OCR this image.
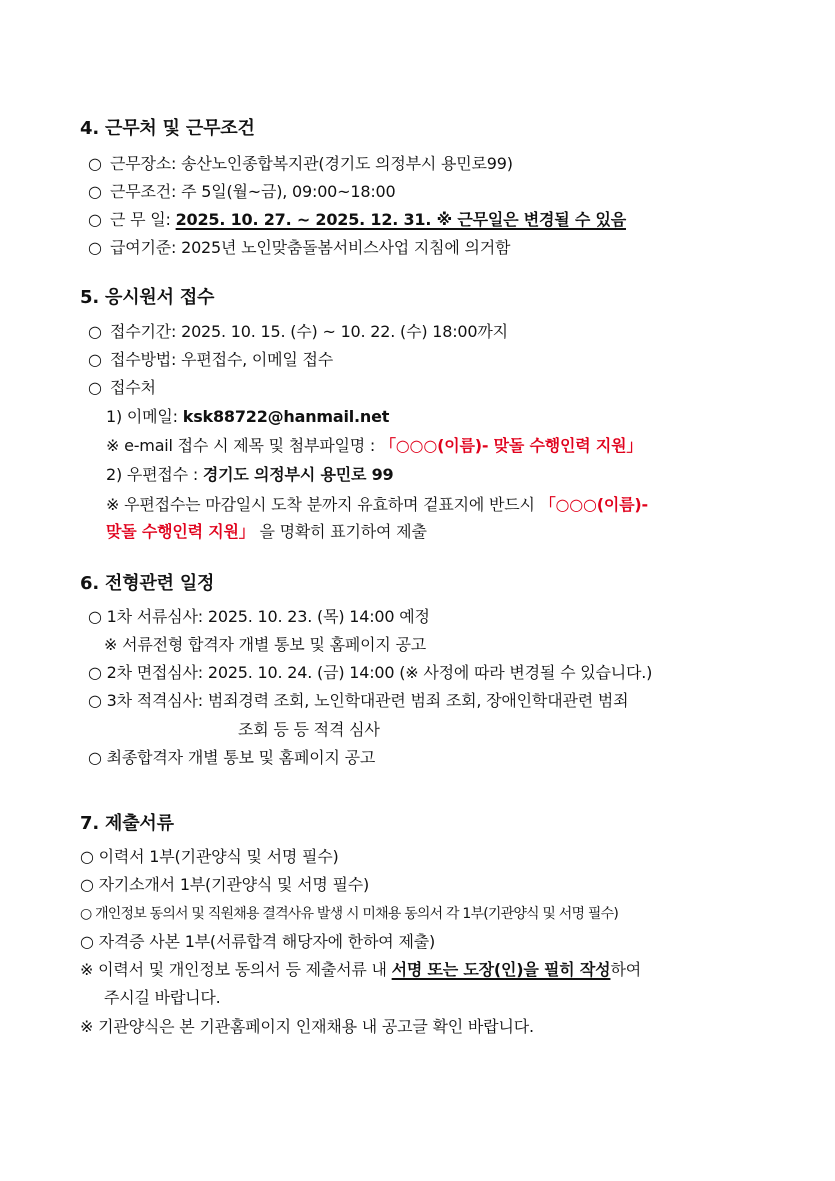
4. 근무처 및 근무조건
○ 근무장소: 송산노인종합복지관(경기도 의정부시 용민로99)
○ 근무조건: 주 5일(월~금), 09:00~18:00
○ 근 무 일: 2025. 10. 27. ~ 2025. 12. 31. ※ 근무일은 변경될 수 있음
○ 급여기준: 2025년 노인맞춤돌봄서비스사업 지침에 의거함
5. 응시원서 접수
○ 접수기간: 2025. 10. 15. (수) ~ 10. 22. (수) 18:00까지
○ 접수방법: 우편접수, 이메일 접수
○ 접수처
1) 이메일: ksk88722@hanmail.net
※ e-mail 접수 시 제목 및 첨부파일명 : 「○○○(이름)- 맞돌 수행인력 지원」
2) 우편접수 : 경기도 의정부시 용민로 99
※ 우편접수는 마감일시 도착 분까지 유효하며 겉표지에 반드시 「○○○(이름)-
맞돌 수행인력 지원」 을 명확히 표기하여 제출
6. 전형관련 일정
○ 1차 서류심사: 2025. 10. 23. (목) 14:00 예정
※ 서류전형 합격자 개별 통보 및 홈페이지 공고
○ 2차 면접심사: 2025. 10. 24. (금) 14:00 (※ 사정에 따라 변경될 수 있습니다.)
○ 3차 적격심사: 범죄경력 조회, 노인학대관련 범죄 조회, 장애인학대관련 범죄
조회 등 등 적격 심사
○ 최종합격자 개별 통보 및 홈페이지 공고
7. 제출서류
○ 이력서 1부(기관양식 및 서명 필수)
○ 자기소개서 1부(기관양식 및 서명 필수)
○ 개인정보 동의서 및 직원채용 결격사유 발생 시 미채용 동의서 각 1부(기관양식 및 서명 필수)
○ 자격증 사본 1부(서류합격 해당자에 한하여 제출)
※ 이력서 및 개인정보 동의서 등 제출서류 내 서명 또는 도장(인)을 필히 작성하여
주시길 바랍니다.
※ 기관양식은 본 기관홈페이지 인재채용 내 공고글 확인 바랍니다.
